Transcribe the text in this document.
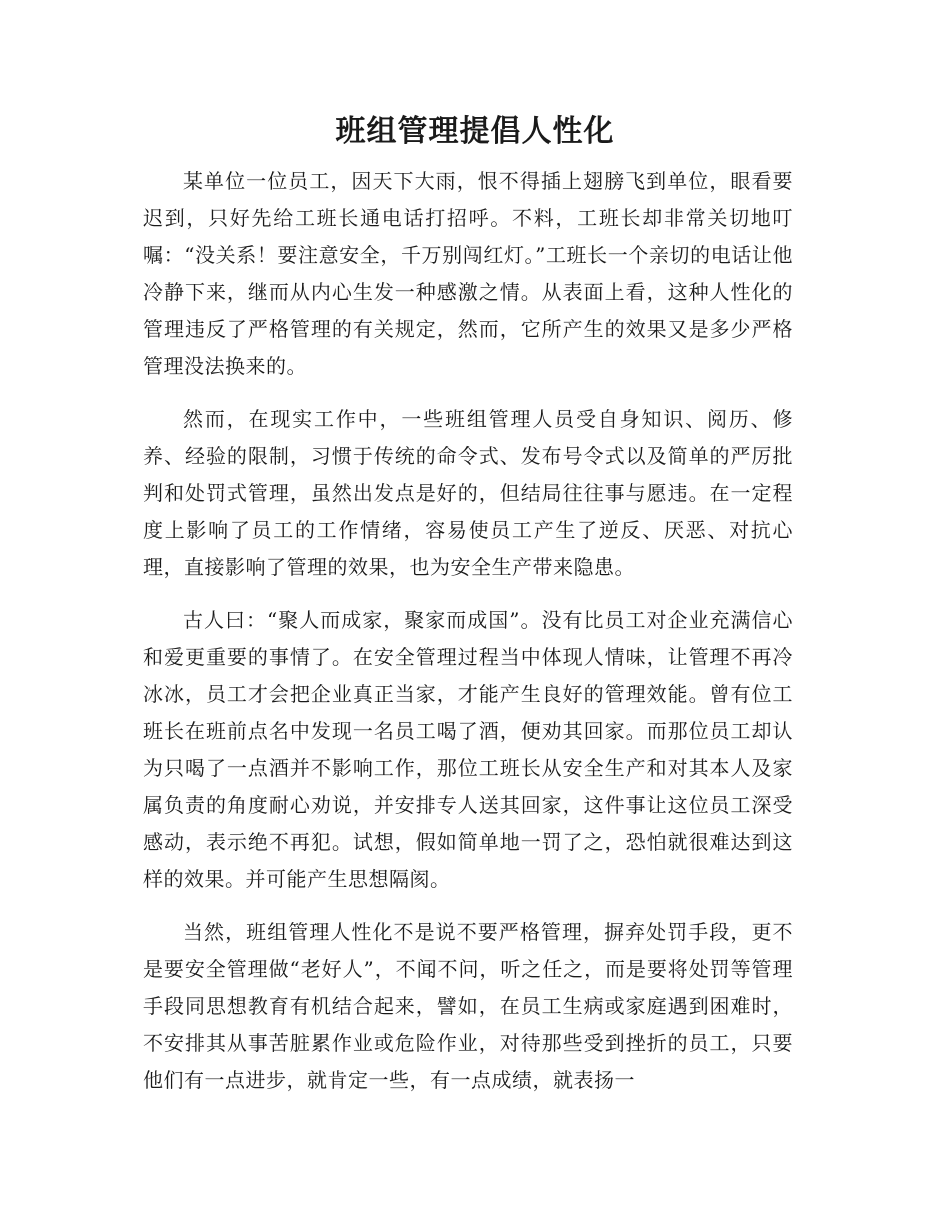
班组管理提倡人性化

某单位一位员工，因天下大雨，恨不得插上翅膀飞到单位，眼看要迟到，只好先给工班长通电话打招呼。不料，工班长却非常关切地叮嘱：“没关系！要注意安全，千万别闯红灯。”工班长一个亲切的电话让他冷静下来，继而从内心生发一种感激之情。从表面上看，这种人性化的管理违反了严格管理的有关规定，然而，它所产生的效果又是多少严格管理没法换来的。

然而，在现实工作中，一些班组管理人员受自身知识、阅历、修养、经验的限制，习惯于传统的命令式、发布号令式以及简单的严厉批判和处罚式管理，虽然出发点是好的，但结局往往事与愿违。在一定程度上影响了员工的工作情绪，容易使员工产生了逆反、厌恶、对抗心理，直接影响了管理的效果，也为安全生产带来隐患。

古人曰：“聚人而成家，聚家而成国”。没有比员工对企业充满信心和爱更重要的事情了。在安全管理过程当中体现人情味，让管理不再冷冰冰，员工才会把企业真正当家，才能产生良好的管理效能。曾有位工班长在班前点名中发现一名员工喝了酒，便劝其回家。而那位员工却认为只喝了一点酒并不影响工作，那位工班长从安全生产和对其本人及家属负责的角度耐心劝说，并安排专人送其回家，这件事让这位员工深受感动，表示绝不再犯。试想，假如简单地一罚了之，恐怕就很难达到这样的效果。并可能产生思想隔阂。

当然，班组管理人性化不是说不要严格管理，摒弃处罚手段，更不是要安全管理做“老好人”，不闻不问，听之任之，而是要将处罚等管理手段同思想教育有机结合起来，譬如，在员工生病或家庭遇到困难时，不安排其从事苦脏累作业或危险作业，对待那些受到挫折的员工，只要他们有一点进步，就肯定一些，有一点成绩，就表扬一
